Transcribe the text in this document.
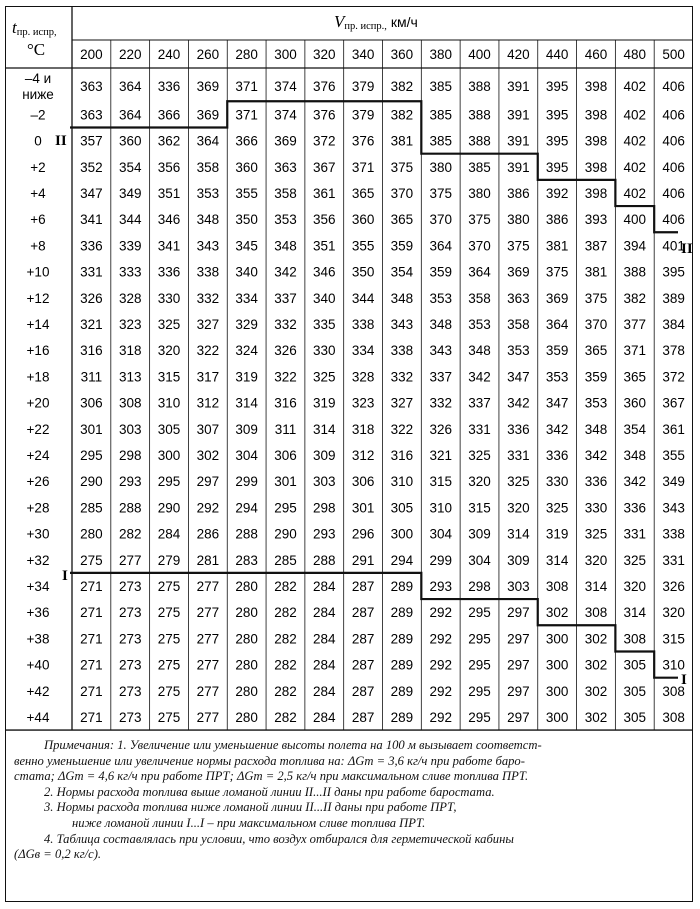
tпр. испр,
°C
Vпр. испр., км/ч
200 220 240 260 280 300 320 340 360 380 400 420 440 460 480 500
–4 и
ниже
363 364 336 369 371 374 376 379 382 385 388 391 395 398 402 406
–2	363 364 366 369 371 374 376 379 382 385 388 391 395 398 402 406
0	357 360 362 364 366 369 372 376 381 385 388 391 395 398 402 406
+2	352 354 356 358 360 363 367 371 375 380 385 391 395 398 402 406
+4	347 349 351 353 355 358 361 365 370 375 380 386 392 398 402 406
+6	341 344 346 348 350 353 356 360 365 370 375 380 386 393 400 406
+8	336 339 341 343 345 348 351 355 359 364 370 375 381 387 394 401
+10 331 333 336 338 340 342 346 350 354 359 364 369 375 381 388 395
+12 326 328 330 332 334 337 340 344 348 353 358 363 369 375 382 389
+14 321 323 325 327 329 332 335 338 343 348 353 358 364 370 377 384
+16 316 318 320 322 324 326 330 334 338 343 348 353 359 365 371 378
+18 311 313 315 317 319 322 325 328 332 337 342 347 353 359 365 372
+20 306 308 310 312 314 316 319 323 327 332 337 342 347 353 360 367
+22 301 303 305 307 309 311 314 318 322 326 331 336 342 348 354 361
+24 295 298 300 302 304 306 309 312 316 321 325 331 336 342 348 355
+26 290 293 295 297 299 301 303 306 310 315 320 325 330 336 342 349
+28 285 288 290 292 294 295 298 301 305 310 315 320 325 330 336 343
+30 280 282 284 286 288 290 293 296 300 304 309 314 319 325 331 338
+32 275 277 279 281 283 285 288 291 294 299 304 309 314 320 325 331
+34 271 273 275 277 280 282 284 287 289 293 298 303 308 314 320 326
+36 271 273 275 277 280 282 284 287 289 292 295 297 302 308 314 320
+38 271 273 275 277 280 282 284 287 289 292 295 297 300 302 308 315
+40 271 273 275 277 280 282 284 287 289 292 295 297 300 302 305 310
+42 271 273 275 277 280 282 284 287 289 292 295 297 300 302 305 308
+44 271 273 275 277 280 282 284 287 289 292 295 297 300 302 305 308
II
II
I
I

Примечания: 1. Увеличение или уменьшение высоты полета на 100 м вызывает соответст-

венно уменьшение или увеличение нормы расхода топлива на: ΔGт = 3,6 кг/ч при работе баро-

стата; ΔGт = 4,6 кг/ч при работе ПРТ; ΔGт = 2,5 кг/ч при максимальном сливе топлива ПРТ.

2. Нормы расхода топлива выше ломаной линии II...II даны при работе баростата.

3. Нормы расхода топлива ниже ломаной линии II...II даны при работе ПРТ,

ниже ломаной линии I...I – при максимальном сливе топлива ПРТ.

4. Таблица составлялась при условии, что воздух отбирался для герметической кабины

(ΔGв = 0,2 кг/с).
